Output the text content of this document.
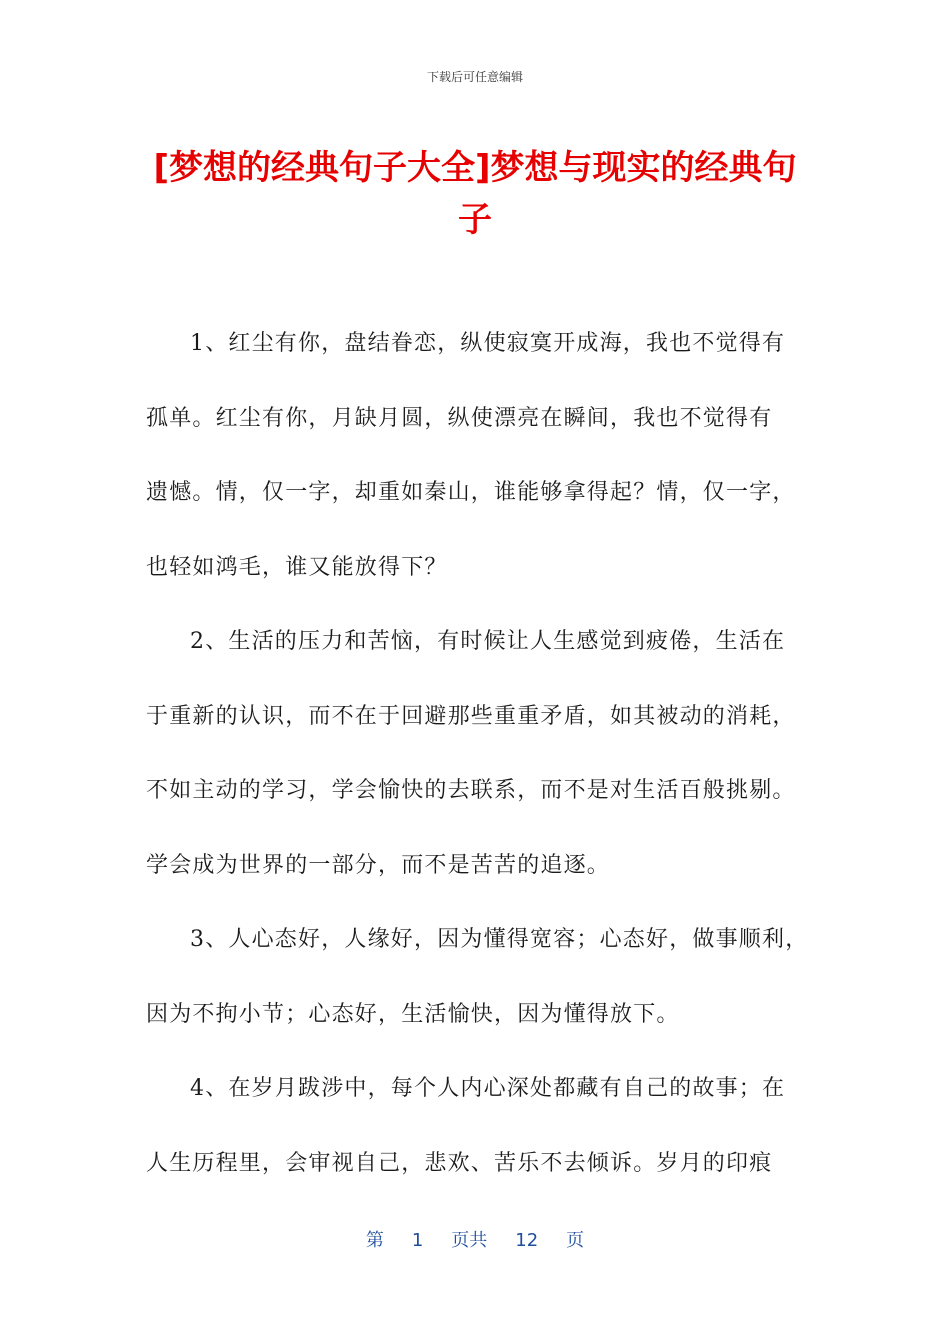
下载后可任意编辑
[梦想的经典句子大全]梦想与现实的经典句子
1、红尘有你，盘结眷恋，纵使寂寞开成海，我也不觉得有
孤单。红尘有你，月缺月圆，纵使漂亮在瞬间，我也不觉得有
遗憾。情，仅一字，却重如秦山，谁能够拿得起？情，仅一字，
也轻如鸿毛，谁又能放得下？
2、生活的压力和苦恼，有时候让人生感觉到疲倦，生活在
于重新的认识，而不在于回避那些重重矛盾，如其被动的消耗，
不如主动的学习，学会愉快的去联系，而不是对生活百般挑剔。
学会成为世界的一部分，而不是苦苦的追逐。
3、人心态好，人缘好，因为懂得宽容；心态好，做事顺利，
因为不拘小节；心态好，生活愉快，因为懂得放下。
4、在岁月跋涉中，每个人内心深处都藏有自己的故事；在
人生历程里，会审视自己，悲欢、苦乐不去倾诉。岁月的印痕
第 1 页共 12 页
